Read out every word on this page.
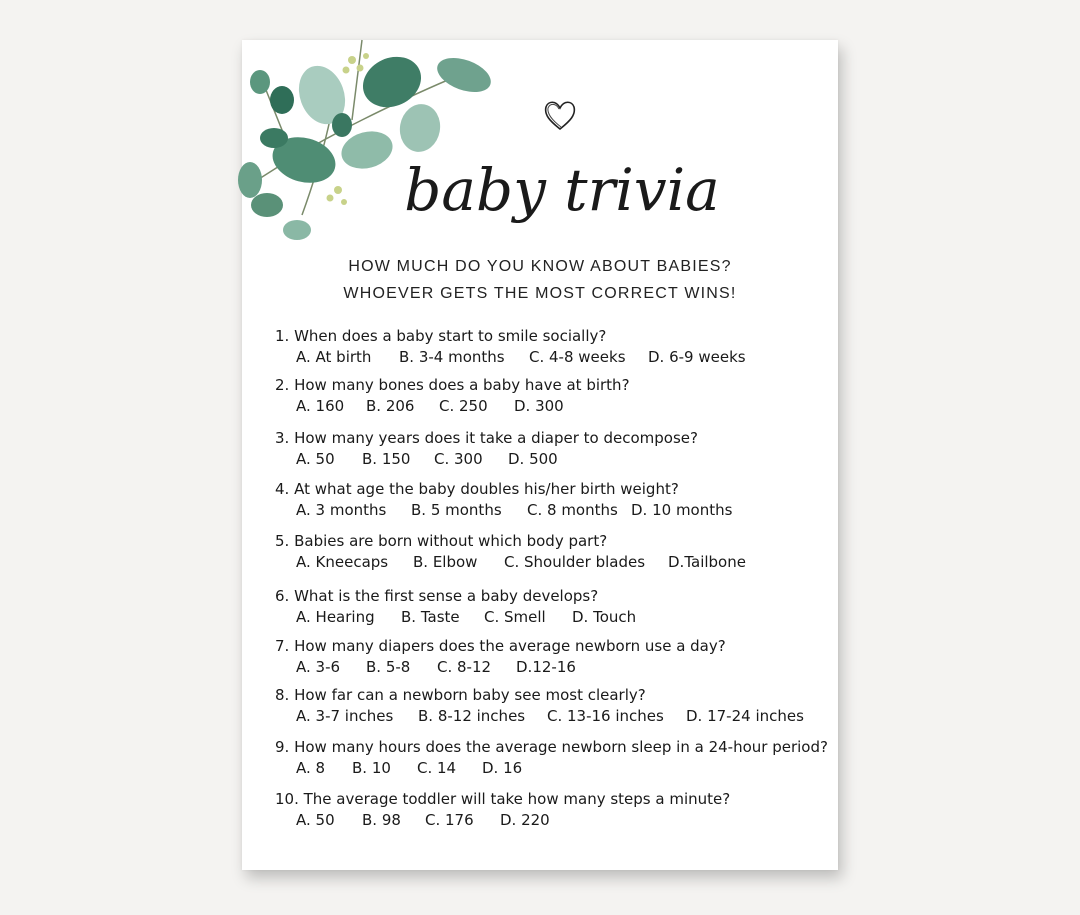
baby trivia
HOW MUCH DO YOU KNOW ABOUT BABIES?
WHOEVER GETS THE MOST CORRECT WINS!
1. When does a baby start to smile socially?
A. At birth B. 3-4 months C. 4-8 weeks D. 6-9 weeks
2. How many bones does a baby have at birth?
A. 160 B. 206 C. 250 D. 300
3. How many years does it take a diaper to decompose?
A. 50 B. 150 C. 300 D. 500
4. At what age the baby doubles his/her birth weight?
A. 3 months B. 5 months C. 8 months D. 10 months
5. Babies are born without which body part?
A. Kneecaps B. Elbow C. Shoulder blades D.Tailbone
6. What is the first sense a baby develops?
A. Hearing B. Taste C. Smell D. Touch
7. How many diapers does the average newborn use a day?
A. 3-6 B. 5-8 C. 8-12 D.12-16
8. How far can a newborn baby see most clearly?
A. 3-7 inches B. 8-12 inches C. 13-16 inches D. 17-24 inches
9. How many hours does the average newborn sleep in a 24-hour period?
A. 8 B. 10 C. 14 D. 16
10. The average toddler will take how many steps a minute?
A. 50 B. 98 C. 176 D. 220
